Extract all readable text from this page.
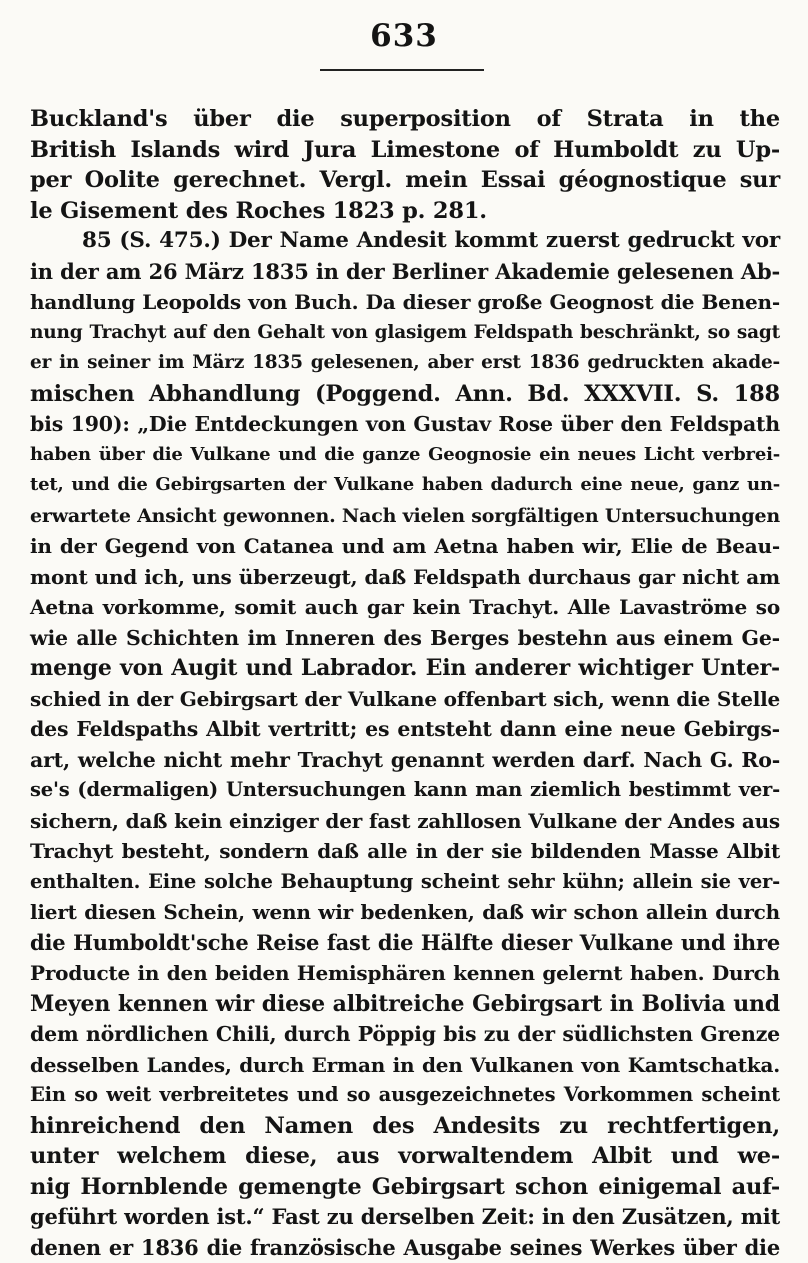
633
Buckland's über die superposition of Strata in the
British Islands wird Jura Limestone of Humboldt zu Up-
per Oolite gerechnet. Vergl. mein Essai géognostique sur
le Gisement des Roches 1823 p. 281.
85 (S. 475.) Der Name Andesit kommt zuerst gedruckt vor
in der am 26 März 1835 in der Berliner Akademie gelesenen Ab-
handlung Leopolds von Buch. Da dieser große Geognost die Benen-
nung Trachyt auf den Gehalt von glasigem Feldspath beschränkt, so sagt
er in seiner im März 1835 gelesenen, aber erst 1836 gedruckten akade-
mischen Abhandlung (Poggend. Ann. Bd. XXXVII. S. 188
bis 190): „Die Entdeckungen von Gustav Rose über den Feldspath
haben über die Vulkane und die ganze Geognosie ein neues Licht verbrei-
tet, und die Gebirgsarten der Vulkane haben dadurch eine neue, ganz un-
erwartete Ansicht gewonnen. Nach vielen sorgfältigen Untersuchungen
in der Gegend von Catanea und am Aetna haben wir, Elie de Beau-
mont und ich, uns überzeugt, daß Feldspath durchaus gar nicht am
Aetna vorkomme, somit auch gar kein Trachyt. Alle Lavaströme so
wie alle Schichten im Inneren des Berges bestehn aus einem Ge-
menge von Augit und Labrador. Ein anderer wichtiger Unter-
schied in der Gebirgsart der Vulkane offenbart sich, wenn die Stelle
des Feldspaths Albit vertritt; es entsteht dann eine neue Gebirgs-
art, welche nicht mehr Trachyt genannt werden darf. Nach G. Ro-
se's (dermaligen) Untersuchungen kann man ziemlich bestimmt ver-
sichern, daß kein einziger der fast zahllosen Vulkane der Andes aus
Trachyt besteht, sondern daß alle in der sie bildenden Masse Albit
enthalten. Eine solche Behauptung scheint sehr kühn; allein sie ver-
liert diesen Schein, wenn wir bedenken, daß wir schon allein durch
die Humboldt'sche Reise fast die Hälfte dieser Vulkane und ihre
Producte in den beiden Hemisphären kennen gelernt haben. Durch
Meyen kennen wir diese albitreiche Gebirgsart in Bolivia und
dem nördlichen Chili, durch Pöppig bis zu der südlichsten Grenze
desselben Landes, durch Erman in den Vulkanen von Kamtschatka.
Ein so weit verbreitetes und so ausgezeichnetes Vorkommen scheint
hinreichend den Namen des Andesits zu rechtfertigen,
unter welchem diese, aus vorwaltendem Albit und we-
nig Hornblende gemengte Gebirgsart schon einigemal auf-
geführt worden ist.“ Fast zu derselben Zeit: in den Zusätzen, mit
denen er 1836 die französische Ausgabe seines Werkes über die
